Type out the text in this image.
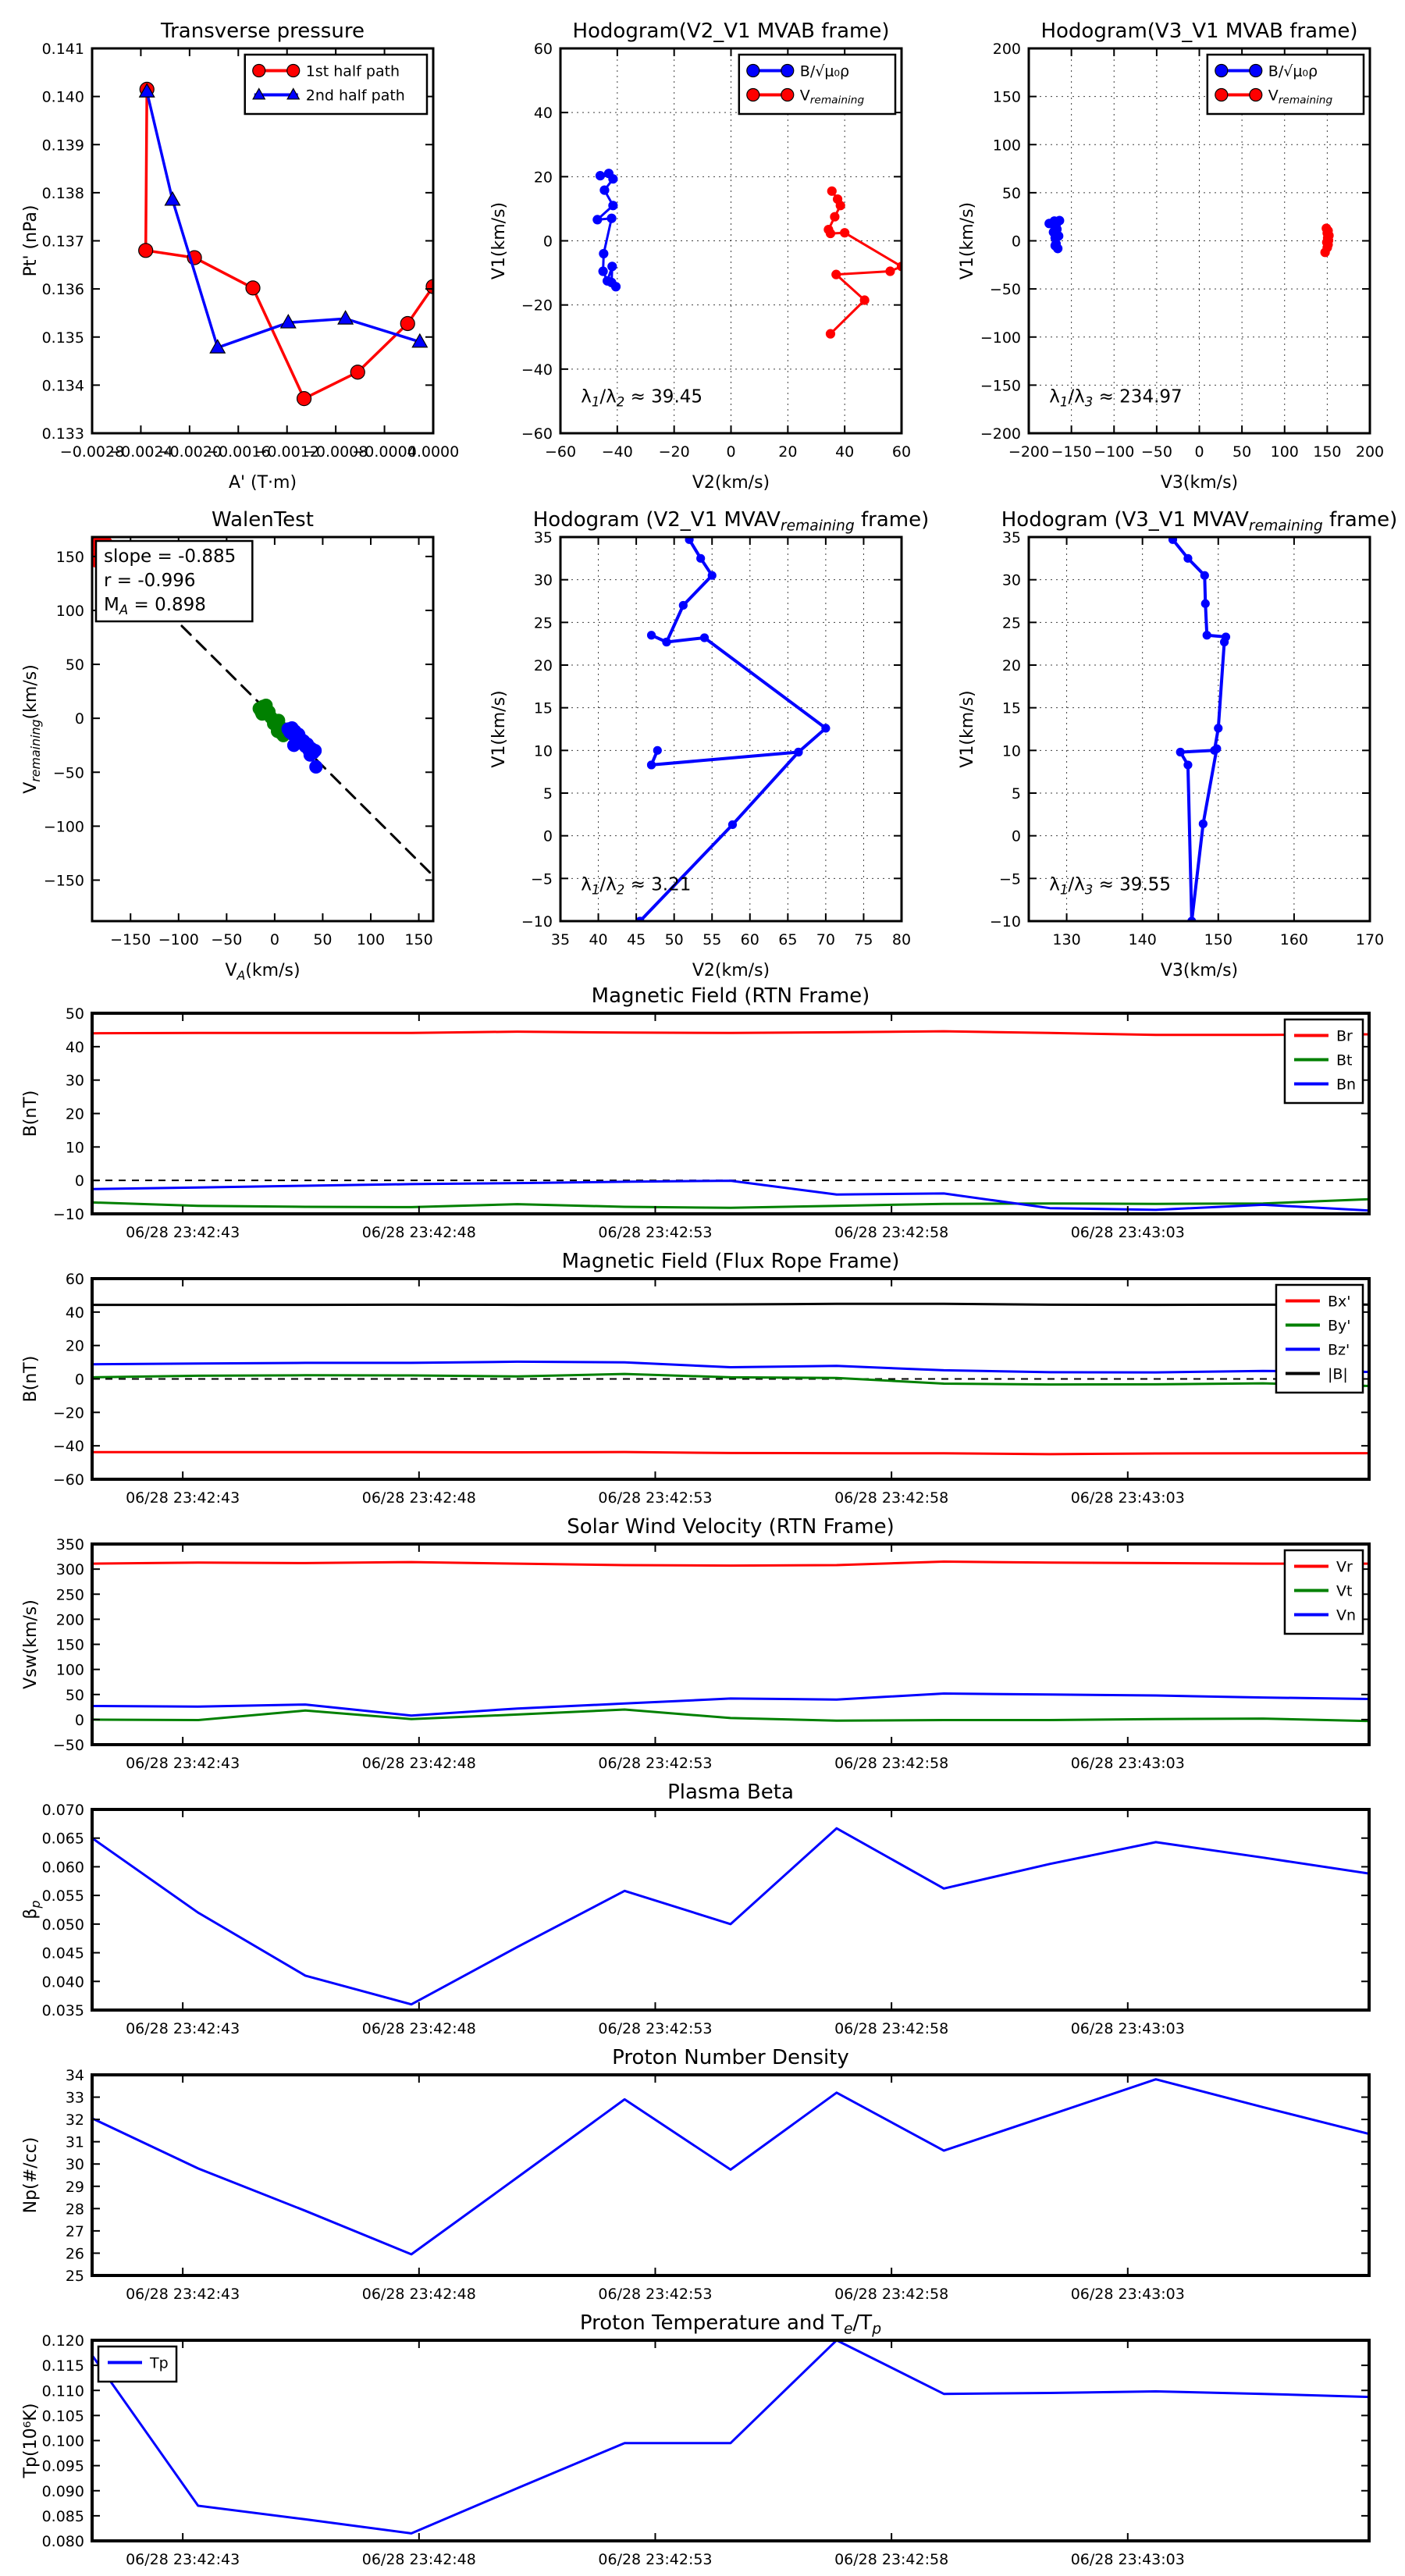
−0.0028
−0.0024
−0.0020
−0.0016
−0.0012
−0.0008
−0.0004
0.0000
0.133
0.134
0.135
0.136
0.137
0.138
0.139
0.140
0.141
Transverse pressure
A' (T·m)
Pt' (nPa)
1st half path
2nd half path
−60 −40 −20 0	20	40	60
−60
−40
−20
0
20
40
60
Hodogram(V2_V1 MVAB frame)
V2(km/s)
V1(km/s)
$\lambda_1/\lambda_2 \approx 39.45$
B/√μ₀ρ
$V_{remaining}$
−200 −150 −100 −50 0 50 100 150 200
−200
−150
−100
−50
0
50
100
150
200
Hodogram(V3_V1 MVAB frame)
V3(km/s)
V1(km/s)
$\lambda_1/\lambda_3 \approx 234.97$
B/√μ₀ρ
$V_{remaining}$
−150 −100 −50 0 50 100 150
−150
−100
−50
0
50
100
150
WalenTest
$V_A(km/s)$
$V_{remaining}(km/s)$
slope = -0.885
r = -0.996
$M_A = 0.898$
35 40 45 50 55 60 65 70 75 80
−10
−5
0
5
10
15
20
25
30
35
Hodogram (V2_V1 $MVAV_{remaining}$ frame)
V2(km/s)
V1(km/s)
$\lambda_1/\lambda_2 \approx 3.21$
130	140	150	160	170
−10
−5
0
5
10
15
20
25
30
35
Hodogram (V3_V1 $MVAV_{remaining}$ frame)
V3(km/s)
V1(km/s)
$\lambda_1/\lambda_3 \approx 39.55$
06/28 23:42:43	06/28 23:42:48	06/28 23:42:53	06/28 23:42:58	06/28 23:43:03
−10
0
10
20
30
40
50
Magnetic Field (RTN Frame)
B(nT)
Br
Bt
Bn
06/28 23:42:43	06/28 23:42:48	06/28 23:42:53	06/28 23:42:58	06/28 23:43:03
−60
−40
−20
0
20
40
60
Magnetic Field (Flux Rope Frame)
B(nT)
Bx'
By'
Bz'
|B|
06/28 23:42:43	06/28 23:42:48	06/28 23:42:53	06/28 23:42:58	06/28 23:43:03
−50
0
50
100
150
200
250
300
350
Solar Wind Velocity (RTN Frame)
Vsw(km/s)
Vr
Vt
Vn
06/28 23:42:43	06/28 23:42:48	06/28 23:42:53	06/28 23:42:58	06/28 23:43:03
0.035
0.040
0.045
0.050
0.055
0.060
0.065
0.070
Plasma Beta
$\beta_p$
06/28 23:42:43	06/28 23:42:48	06/28 23:42:53	06/28 23:42:58	06/28 23:43:03
25
26
27
28
29
30
31
32
33
34
Proton Number Density
Np(#/cc)
06/28 23:42:43	06/28 23:42:48	06/28 23:42:53	06/28 23:42:58	06/28 23:43:03
0.080
0.085
0.090
0.095
0.100
0.105
0.110
0.115
0.120
Proton Temperature and $T_e/T_p$
Tp(10⁶K)
Tp
